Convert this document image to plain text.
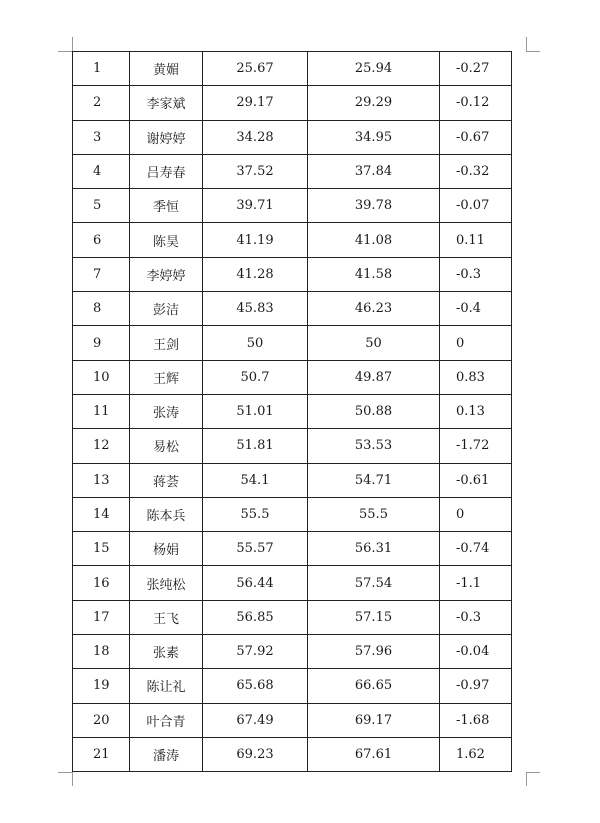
1	黄媚	25.67	25.94	-0.27
2	李家斌	29.17	29.29	-0.12
3	谢婷婷	34.28	34.95	-0.67
4	吕寿春	37.52	37.84	-0.32
5	季恒	39.71	39.78	-0.07
6	陈昊	41.19	41.08	0.11
7	李婷婷	41.28	41.58	-0.3
8	彭洁	45.83	46.23	-0.4
9	王剑	50	50	0
10	王辉	50.7	49.87	0.83
11	张涛	51.01	50.88	0.13
12	易松	51.81	53.53	-1.72
13	蒋荟	54.1	54.71	-0.61
14	陈本兵	55.5	55.5	0
15	杨娟	55.57	56.31	-0.74
16	张纯松	56.44	57.54	-1.1
17	王飞	56.85	57.15	-0.3
18	张素	57.92	57.96	-0.04
19	陈让礼	65.68	66.65	-0.97
20	叶合青	67.49	69.17	-1.68
21	潘涛	69.23	67.61	1.62
